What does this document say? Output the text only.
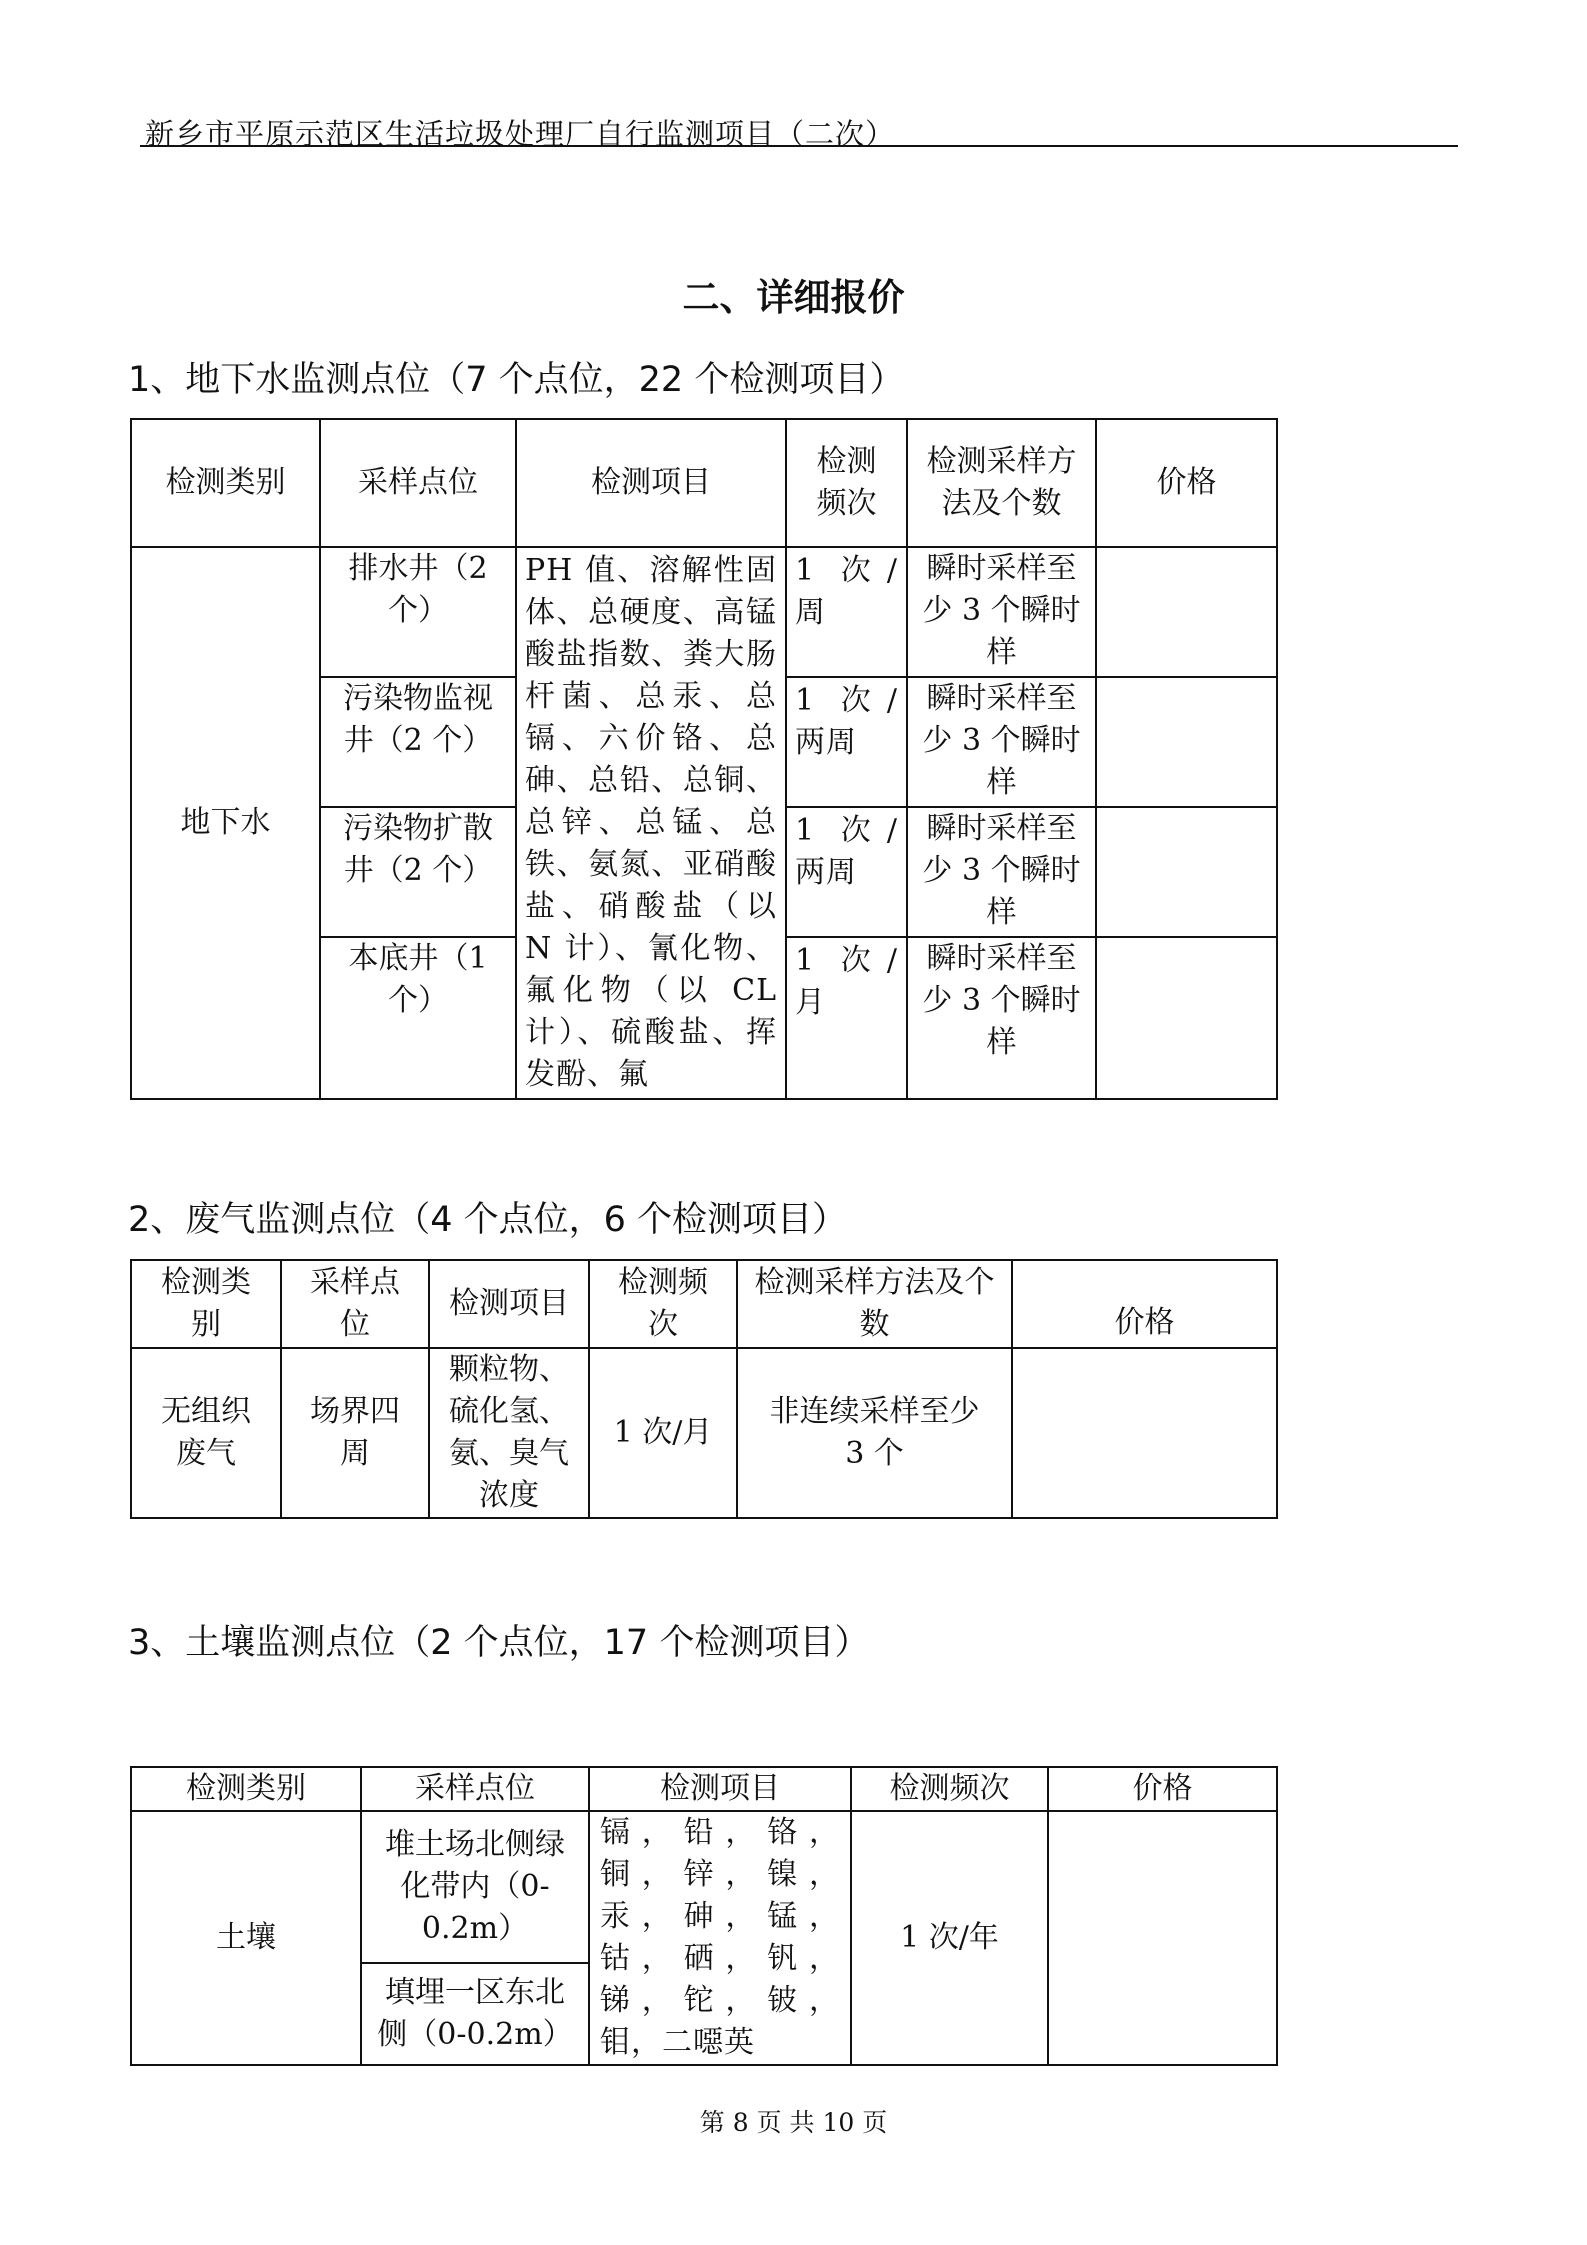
新乡市平原示范区生活垃圾处理厂自行监测项目（二次）
二、详细报价
1、地下水监测点位（7 个点位，22 个检测项目）
检测类别	采样点位	检测项目	检测频次	检测采样方法及个数	价格
地下水	排水井（2 个）	PH 值、溶解性固体、总硬度、高锰酸盐指数、粪大肠杆菌、总汞、总镉、六价铬、总砷、总铅、总铜、总锌、总锰、总铁、氨氮、亚硝酸盐、硝酸盐（以 N 计）、氰化物、氟化物（以 CL 计）、硫酸盐、挥发酚、氟	1 次/周	瞬时采样至少 3 个瞬时样	
	污染物监视井（2 个）		1 次/两周	瞬时采样至少 3 个瞬时样	
	污染物扩散井（2 个）		1 次/两周	瞬时采样至少 3 个瞬时样	
	本底井（1 个）		1 次/月	瞬时采样至少 3 个瞬时样	
2、废气监测点位（4 个点位，6 个检测项目）
检测类别	采样点位	检测项目	检测频次	检测采样方法及个数	价格
无组织废气	场界四周	颗粒物、硫化氢、氨、臭气浓度	1 次/月	非连续采样至少 3 个	
3、土壤监测点位（2 个点位，17 个检测项目）
检测类别	采样点位	检测项目	检测频次	价格
土壤	堆土场北侧绿化带内（0-0.2m）	镉，铅，铬，铜，锌，镍，汞，砷，锰，钴，硒，钒，锑，铊，铍，钼，二噁英	1 次/年	
	填埋一区东北侧（0-0.2m）			
第 8 页 共 10 页
